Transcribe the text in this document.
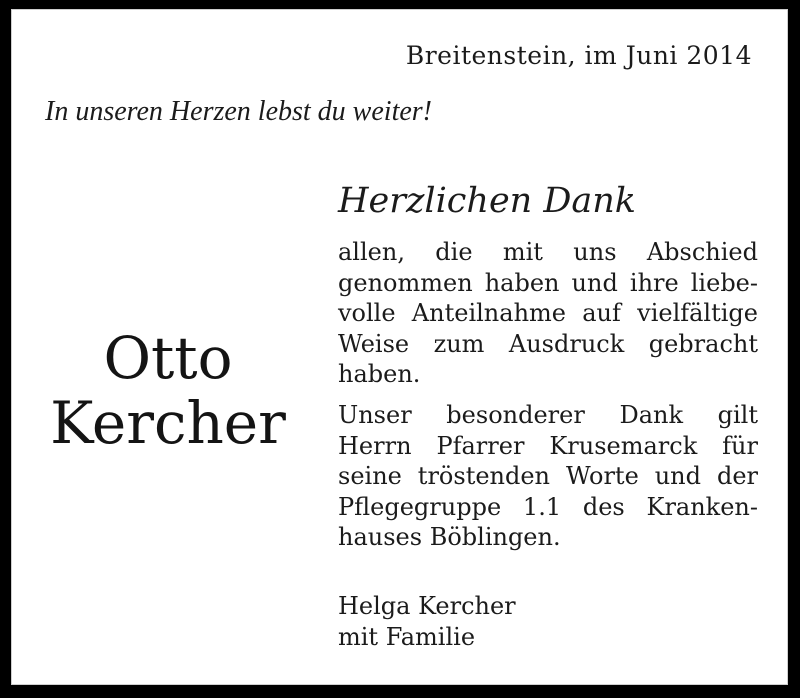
Breitenstein, im Juni 2014
In unseren Herzen lebst du weiter!
Otto
Kercher
Herzlichen Dank
allen, die mit uns Abschied
genommen haben und ihre liebe-
volle Anteilnahme auf vielfältige
Weise zum Ausdruck gebracht
haben.
Unser besonderer Dank gilt
Herrn Pfarrer Krusemarck für
seine tröstenden Worte und der
Pflegegruppe 1.1 des Kranken-
hauses Böblingen.
Helga Kercher
mit Familie
